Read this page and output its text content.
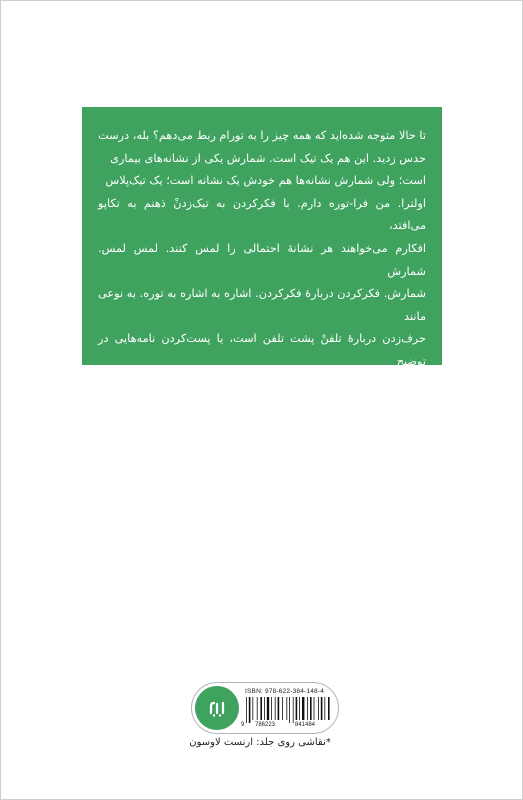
تا حالا متوجه شده‌اید که همه چیز را به تورام ربط می‌دهم؟ بله، درست

حدس زدید. این هم یک تیک است. شمارش یکی از نشانه‌های بیماری

است؛ ولی شمارش نشانه‌ها هم خودش یک نشانه است؛ یک تیک‌پلاس

اولترا. من فرا-توره دارم. با فکرکردن به تیک‌زدنْ ذهنم به تکاپو می‌افتد،

افکارم می‌خواهند هر نشانهٔ احتمالی را لمس کنند. لمس لمس. شمارش

شمارش. فکرکردن دربارهٔ فکرکردن. اشاره به اشاره به توره. به نوعی مانند

حرف‌زدن دربارهٔ تلفنْ پشت تلفن است، یا پست‌کردن نامه‌هایی در توضیح

مکان صندوق‌پستی‌های مختلف. یا مانند کش دهنده‌ای که حکایت‌های

موردعلاقه‌اش همه دربارهٔ کش‌دادن باشد.

ISBN: 978-622-384-148-4
9 786223	841484
*نقاشی روی جلد: ارنست لاوسون
